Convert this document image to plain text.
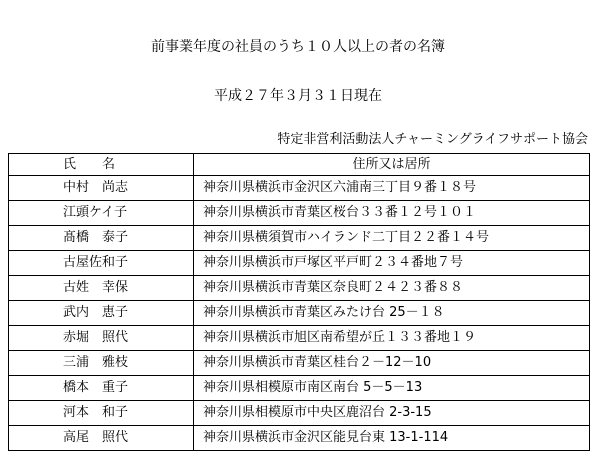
前事業年度の社員のうち１０人以上の者の名簿
平成２７年３月３１日現在
特定非営利活動法人チャーミングライフサポート協会
氏　　名	住所又は居所
中村　尚志	神奈川県横浜市金沢区六浦南三丁目９番１８号
江頭ケイ子	神奈川県横浜市青葉区桜台３３番１２号１０１
髙橋　泰子	神奈川県横須賀市ハイランド二丁目２２番１４号
古屋佐和子	神奈川県横浜市戸塚区平戸町２３４番地７号
古姓　幸保	神奈川県横浜市青葉区奈良町２４２３番８８
武内　恵子	神奈川県横浜市青葉区みたけ台 25－１８
赤堀　照代	神奈川県横浜市旭区南希望が丘１３３番地１９
三浦　雅枝	神奈川県横浜市青葉区桂台２－12－10
橋本　重子	神奈川県相模原市南区南台 5－5－13
河本　和子	神奈川県相模原市中央区鹿沼台 2-3-15
高尾　照代	神奈川県横浜市金沢区能見台東 13-1-114
